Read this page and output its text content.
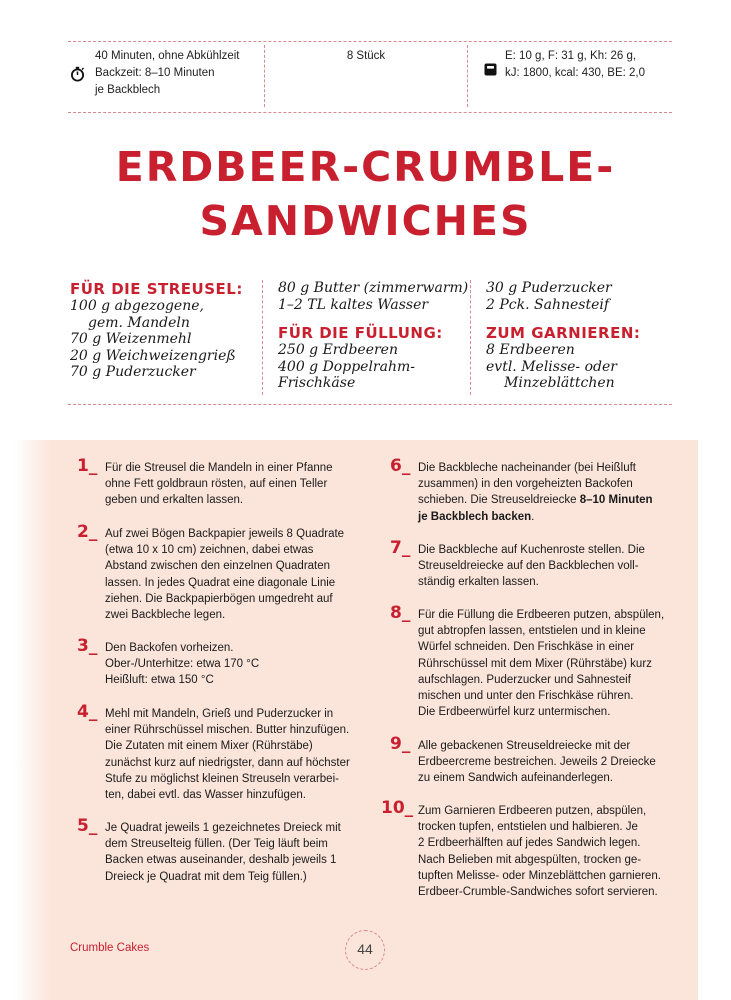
40 Minuten, ohne Abkühlzeit
Backzeit: 8–10 Minuten
je Backblech
8 Stück	E: 10 g, F: 31 g, Kh: 26 g,
kJ: 1800, kcal: 430, BE: 2,0
ERDBEER-CRUMBLE-
SANDWICHES
FÜR DIE STREUSEL:
100 g abgezogene,
gem. Mandeln
70 g Weizenmehl
20 g Weichweizengrieß
70 g Puderzucker
80 g Butter (zimmerwarm)
1–2 TL kaltes Wasser
FÜR DIE FÜLLUNG:
250 g Erdbeeren
400 g Doppelrahm-Frischkäse
30 g Puderzucker
2 Pck. Sahnesteif
ZUM GARNIEREN:
8 Erdbeeren
evtl. Melisse- oder
Minzeblättchen
1_ Für die Streusel die Mandeln in einer Pfanne
ohne Fett goldbraun rösten, auf einen Teller
geben und erkalten lassen.
2_ Auf zwei Bögen Backpapier jeweils 8 Quadrate
(etwa 10 x 10 cm) zeichnen, dabei etwas
Abstand zwischen den einzelnen Quadraten
lassen. In jedes Quadrat eine diagonale Linie
ziehen. Die Backpapierbögen umgedreht auf
zwei Backbleche legen.
3_ Den Backofen vorheizen.
Ober-/Unterhitze: etwa 170 °C
Heißluft: etwa 150 °C
4_ Mehl mit Mandeln, Grieß und Puderzucker in
einer Rührschüssel mischen. Butter hinzufügen.
Die Zutaten mit einem Mixer (Rührstäbe)
zunächst kurz auf niedrigster, dann auf höchster
Stufe zu möglichst kleinen Streuseln verarbei-
ten, dabei evtl. das Wasser hinzufügen.
5_ Je Quadrat jeweils 1 gezeichnetes Dreieck mit
dem Streuselteig füllen. (Der Teig läuft beim
Backen etwas auseinander, deshalb jeweils 1
Dreieck je Quadrat mit dem Teig füllen.)
6_ Die Backbleche nacheinander (bei Heißluft
zusammen) in den vorgeheizten Backofen
schieben. Die Streuseldreiecke 8–10 Minuten
je Backblech backen.
7_ Die Backbleche auf Kuchenroste stellen. Die
Streuseldreiecke auf den Backblechen voll-
ständig erkalten lassen.
8_ Für die Füllung die Erdbeeren putzen, abspülen,
gut abtropfen lassen, entstielen und in kleine
Würfel schneiden. Den Frischkäse in einer
Rührschüssel mit dem Mixer (Rührstäbe) kurz
aufschlagen. Puderzucker und Sahnesteif
mischen und unter den Frischkäse rühren.
Die Erdbeerwürfel kurz untermischen.
9_ Alle gebackenen Streuseldreiecke mit der
Erdbeercreme bestreichen. Jeweils 2 Dreiecke
zu einem Sandwich aufeinanderlegen.
10_ Zum Garnieren Erdbeeren putzen, abspülen,
trocken tupfen, entstielen und halbieren. Je
2 Erdbeerhälften auf jedes Sandwich legen.
Nach Belieben mit abgespülten, trocken ge-
tupften Melisse- oder Minzeblättchen garnieren.
Erdbeer-Crumble-Sandwiches sofort servieren.
Crumble Cakes	44
